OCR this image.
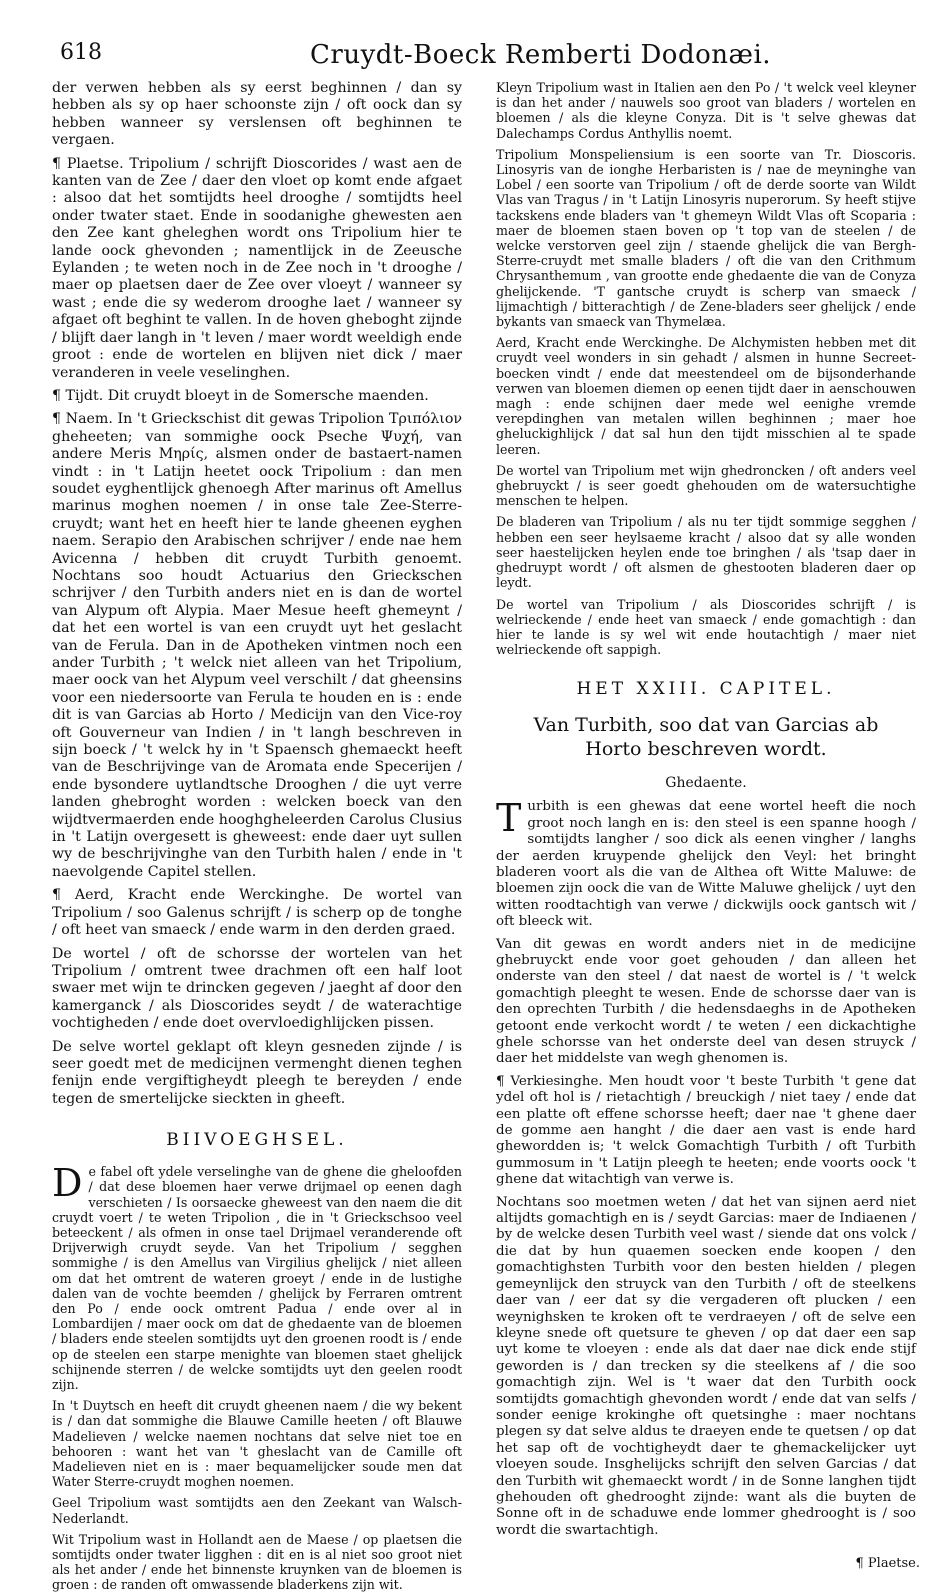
618	Cruydt-Boeck Remberti Dodonæi.

der verwen hebben als sy eerst beghinnen / dan sy hebben als sy op haer schoonste zijn / oft oock dan sy hebben wanneer sy verslensen oft beghinnen te vergaen.

¶ Plaetse. Tripolium / schrijft Dioscorides / wast aen de kanten van de Zee / daer den vloet op komt ende afgaet : alsoo dat het somtijdts heel drooghe / somtijdts heel onder twater staet. Ende in soodanighe ghewesten aen den Zee kant gheleghen wordt ons Tripolium hier te lande oock ghevonden ; namentlijck in de Zeeusche Eylanden ; te weten noch in de Zee noch in 't drooghe / maer op plaetsen daer de Zee over vloeyt / wanneer sy wast ; ende die sy wederom drooghe laet / wanneer sy afgaet oft beghint te vallen. In de hoven gheboght zijnde / blijft daer langh in 't leven / maer wordt weeldigh ende groot : ende de wortelen en blijven niet dick / maer veranderen in veele veselinghen.

¶ Tijdt. Dit cruydt bloeyt in de Somersche maenden.

¶ Naem. In 't Grieckschist dit gewas Tripolion Τριπόλιον gheheeten; van sommighe oock Pseche Ψυχή, van andere Meris Μηρίς, alsmen onder de bastaert-namen vindt : in 't Latijn heetet oock Tripolium : dan men soudet eyghentlijck ghenoegh After marinus oft Amellus marinus moghen noemen / in onse tale Zee-Sterre-cruydt; want het en heeft hier te lande gheenen eyghen naem. Serapio den Arabischen schrijver / ende nae hem Avicenna / hebben dit cruydt Turbith genoemt. Nochtans soo houdt Actuarius den Grieckschen schrijver / den Turbith anders niet en is dan de wortel van Alypum oft Alypia. Maer Mesue heeft ghemeynt / dat het een wortel is van een cruydt uyt het geslacht van de Ferula. Dan in de Apotheken vintmen noch een ander Turbith ; 't welck niet alleen van het Tripolium, maer oock van het Alypum veel verschilt / dat gheensins voor een niedersoorte van Ferula te houden en is : ende dit is van Garcias ab Horto / Medicijn van den Vice-roy oft Gouverneur van Indien / in 't langh beschreven in sijn boeck / 't welck hy in 't Spaensch ghemaeckt heeft van de Beschrijvinge van de Aromata ende Specerijen / ende bysondere uytlandtsche Drooghen / die uyt verre landen ghebroght worden : welcken boeck van den wijdtvermaerden ende hooghgheleerden Carolus Clusius in 't Latijn overgesett is gheweest: ende daer uyt sullen wy de beschrijvinghe van den Turbith halen / ende in 't naevolgende Capitel stellen.

¶ Aerd, Kracht ende Werckinghe. De wortel van Tripolium / soo Galenus schrijft / is scherp op de tonghe / oft heet van smaeck / ende warm in den derden graed.

De wortel / oft de schorsse der wortelen van het Tripolium / omtrent twee drachmen oft een half loot swaer met wijn te drincken gegeven / jaeght af door den kamerganck / als Dioscorides seydt / de waterachtige vochtigheden / ende doet overvloedighlijcken pissen.

De selve wortel geklapt oft kleyn gesneden zijnde / is seer goedt met de medicijnen vermenght dienen teghen fenijn ende vergiftigheydt pleegh te bereyden / ende tegen de smertelijcke sieckten in gheeft.

BIIVOEGHSEL.

De fabel oft ydele verselinghe van de ghene die gheloofden / dat dese bloemen haer verwe drijmael op eenen dagh verschieten / Is oorsaecke gheweest van den naem die dit cruydt voert / te weten Tripolion , die in 't Grieckschsoo veel beteeckent / als ofmen in onse tael Drijmael veranderende oft Drijverwigh cruydt seyde. Van het Tripolium / segghen sommighe / is den Amellus van Virgilius ghelijck / niet alleen om dat het omtrent de wateren groeyt / ende in de lustighe dalen van de vochte beemden / ghelijck by Ferraren omtrent den Po / ende oock omtrent Padua / ende over al in Lombardijen / maer oock om dat de ghedaente van de bloemen / bladers ende steelen somtijdts uyt den groenen roodt is / ende op de steelen een starpe menighte van bloemen staet ghelijck schijnende sterren / de welcke somtijdts uyt den geelen roodt zijn.

In 't Duytsch en heeft dit cruydt gheenen naem / die wy bekent is / dan dat sommighe die Blauwe Camille heeten / oft Blauwe Madelieven / welcke naemen nochtans dat selve niet toe en behooren : want het van 't gheslacht van de Camille oft Madelieven niet en is : maer bequamelijcker soude men dat Water Sterre-cruydt moghen noemen.

Geel Tripolium wast somtijdts aen den Zeekant van Walsch-Nederlandt.

Wit Tripolium wast in Hollandt aen de Maese / op plaetsen die somtijdts onder twater ligghen : dit en is al niet soo groot niet als het ander / ende het binnenste kruynken van de bloemen is groen : de randen oft omwassende bladerkens zijn wit.

Kleyn Tripolium wast in Italien aen den Po / 't welck veel kleyner is dan het ander / nauwels soo groot van bladers / wortelen en bloemen / als die kleyne Conyza. Dit is 't selve ghewas dat Dalechamps Cordus Anthyllis noemt.

Tripolium Monspeliensium is een soorte van Tr. Dioscoris. Linosyris van de ionghe Herbaristen is / nae de meyninghe van Lobel / een soorte van Tripolium / oft de derde soorte van Wildt Vlas van Tragus / in 't Latijn Linosyris nuperorum. Sy heeft stijve tackskens ende bladers van 't ghemeyn Wildt Vlas oft Scoparia : maer de bloemen staen boven op 't top van de steelen / de welcke verstorven geel zijn / staende ghelijck die van Bergh-Sterre-cruydt met smalle bladers / oft die van den Crithmum Chrysanthemum , van grootte ende ghedaente die van de Conyza ghelijckende. 'T gantsche cruydt is scherp van smaeck / lijmachtigh / bitterachtigh / de Zene-bladers seer ghelijck / ende bykants van smaeck van Thymelæa.

Aerd, Kracht ende Werckinghe. De Alchymisten hebben met dit cruydt veel wonders in sin gehadt / alsmen in hunne Secreet-boecken vindt / ende dat meestendeel om de bijsonderhande verwen van bloemen diemen op eenen tijdt daer in aenschouwen magh : ende schijnen daer mede wel eenighe vremde verepdinghen van metalen willen beghinnen ; maer hoe gheluckighlijck / dat sal hun den tijdt misschien al te spade leeren.

De wortel van Tripolium met wijn ghedroncken / oft anders veel ghebruyckt / is seer goedt ghehouden om de watersuchtighe menschen te helpen.

De bladeren van Tripolium / als nu ter tijdt sommige segghen / hebben een seer heylsaeme kracht / alsoo dat sy alle wonden seer haestelijcken heylen ende toe bringhen / als 'tsap daer in ghedruypt wordt / oft alsmen de ghestooten bladeren daer op leydt.

De wortel van Tripolium / als Dioscorides schrijft / is welrieckende / ende heet van smaeck / ende gomachtigh : dan hier te lande is sy wel wit ende houtachtigh / maer niet welrieckende oft sappigh.

HET XXIII. CAPITEL.
Van Turbith, soo dat van Garcias ab Horto beschreven wordt.
Ghedaente.

Turbith is een ghewas dat eene wortel heeft die noch groot noch langh en is: den steel is een spanne hoogh / somtijdts langher / soo dick als eenen vingher / langhs der aerden kruypende ghelijck den Veyl: het bringht bladeren voort als die van de Althea oft Witte Maluwe: de bloemen zijn oock die van de Witte Maluwe ghelijck / uyt den witten roodtachtigh van verwe / dickwijls oock gantsch wit / oft bleeck wit.

Van dit gewas en wordt anders niet in de medicijne ghebruyckt ende voor goet gehouden / dan alleen het onderste van den steel / dat naest de wortel is / 't welck gomachtigh pleeght te wesen. Ende de schorsse daer van is den oprechten Turbith / die hedensdaeghs in de Apotheken getoont ende verkocht wordt / te weten / een dickachtighe ghele schorsse van het onderste deel van desen struyck / daer het middelste van wegh ghenomen is.

¶ Verkiesinghe. Men houdt voor 't beste Turbith 't gene dat ydel oft hol is / rietachtigh / breuckigh / niet taey / ende dat een platte oft effene schorsse heeft; daer nae 't ghene daer de gomme aen hanght / die daer aen vast is ende hard ghewordden is; 't welck Gomachtigh Turbith / oft Turbith gummosum in 't Latijn pleegh te heeten; ende voorts oock 't ghene dat witachtigh van verwe is.

Nochtans soo moetmen weten / dat het van sijnen aerd niet altijdts gomachtigh en is / seydt Garcias: maer de Indiaenen / by de welcke desen Turbith veel wast / siende dat ons volck / die dat by hun quaemen soecken ende koopen / den gomachtighsten Turbith voor den besten hielden / plegen gemeynlijck den struyck van den Turbith / oft de steelkens daer van / eer dat sy die vergaderen oft plucken / een weynighsken te kroken oft te verdraeyen / oft de selve een kleyne snede oft quetsure te gheven / op dat daer een sap uyt kome te vloeyen : ende als dat daer nae dick ende stijf geworden is / dan trecken sy die steelkens af / die soo gomachtigh zijn. Wel is 't waer dat den Turbith oock somtijdts gomachtigh ghevonden wordt / ende dat van selfs / sonder eenige krokinghe oft quetsinghe : maer nochtans plegen sy dat selve aldus te draeyen ende te quetsen / op dat het sap oft de vochtigheydt daer te ghemackelijcker uyt vloeyen soude. Insghelijcks schrijft den selven Garcias / dat den Turbith wit ghemaeckt wordt / in de Sonne langhen tijdt ghehouden oft ghedrooght zijnde: want als die buyten de Sonne oft in de schaduwe ende lommer ghedrooght is / soo wordt die swartachtigh.

¶ Plaetse.
